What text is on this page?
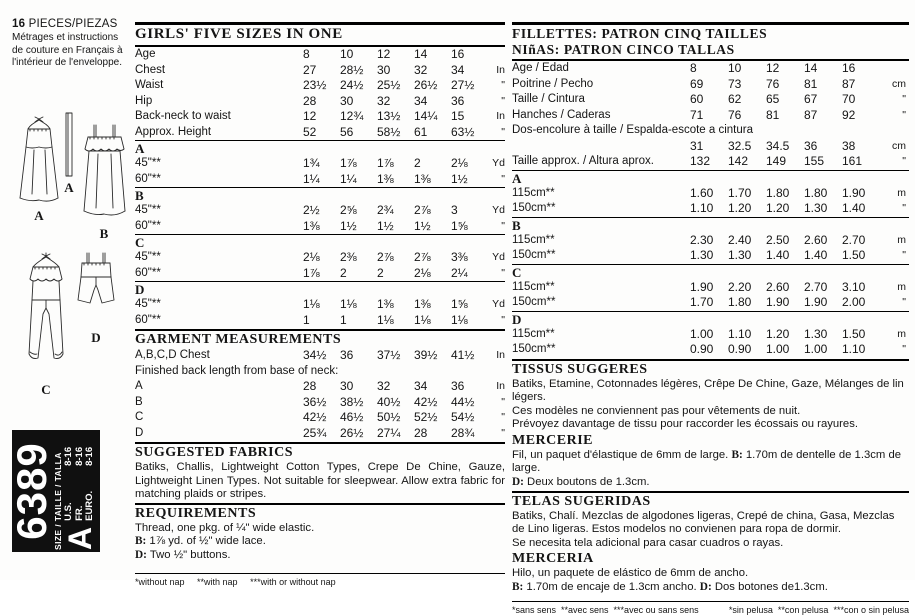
16 PIECES/PIEZAS
Métrages et instructions de couture en Français à l'intérieur de l'enveloppe.
A
A
B
C
D
6389
SIZE / TAILLE / TALLA
A
U.S.
8-16
FR.
8-16
EURO.
8-16
GIRLS' FIVE SIZES IN ONE
Age	8	10	12	14	16
Chest	27	28½	30	32	34	In
Waist	23½	24½	25½	26½	27½	"
Hip	28	30	32	34	36	"
Back-neck to waist	12	12¾	13½	14¼	15	In
Approx. Height	52	56	58½	61	63½	"
A
45"**	1¾	1⅞	1⅞	2	2⅛	Yd
60"**	1¼	1¼	1⅜	1⅜	1½	"
B
45"**	2½	2⅝	2¾	2⅞	3	Yd
60"**	1⅜	1½	1½	1½	1⅝	"
C
45"**	2⅛	2⅜	2⅞	2⅞	3⅜	Yd
60"**	1⅞	2	2	2⅛	2¼	"
D
45"**	1⅛	1⅛	1⅜	1⅜	1⅝	Yd
60"**	1	1	1⅛	1⅛	1⅛	"
GARMENT MEASUREMENTS
A,B,C,D Chest	34½	36	37½	39½	41½	In
Finished back length from base of neck:
A	28	30	32	34	36	In
B	36½	38½	40½	42½	44½	"
C	42½	46½	50½	52½	54½	"
D	25¾	26½	27¼	28	28¾	"
SUGGESTED FABRICS
Batiks, Challis, Lightweight Cotton Types, Crepe De Chine, Gauze, Lightweight Linen Types. Not suitable for sleepwear. Allow extra fabric for matching plaids or stripes.
REQUIREMENTS
Thread, one pkg. of ¼" wide elastic.
B: 1⅞ yd. of ½" wide lace.
D: Two ½" buttons.
*without nap     **with nap     ***with or without nap
FILLETTES: PATRON CINQ TAILLES
NIñAS: PATRON CINCO TALLAS
Age / Edad	8	10	12	14	16
Poitrine / Pecho	69	73	76	81	87	cm
Taille / Cintura	60	62	65	67	70	"
Hanches / Caderas	71	76	81	87	92	"
Dos-encolure à taille / Espalda-escote a cintura
31	32.5	34.5	36	38	cm
Taille approx. / Altura aprox.	132	142	149	155	161	"
A
115cm**	1.60	1.70	1.80	1.80	1.90	m
150cm**	1.10	1.20	1.20	1.30	1.40	"
B
115cm**	2.30	2.40	2.50	2.60	2.70	m
150cm**	1.30	1.30	1.40	1.40	1.50	"
C
115cm**	1.90	2.20	2.60	2.70	3.10	m
150cm**	1.70	1.80	1.90	1.90	2.00	"
D
115cm**	1.00	1.10	1.20	1.30	1.50	m
150cm**	0.90	0.90	1.00	1.00	1.10	"
TISSUS SUGGERES
Batiks, Etamine, Cotonnades légères, Crêpe De Chine, Gaze, Mélanges de lin légers.
Ces modèles ne conviennent pas pour vêtements de nuit.
Prévoyez davantage de tissu pour raccorder les écossais ou rayures.
MERCERIE
Fil, un paquet d'élastique de 6mm de large. B: 1.70m de dentelle de 1.3cm de large.
D: Deux boutons de 1.3cm.
TELAS SUGERIDAS
Batiks, Chalí. Mezclas de algodones ligeras, Crepé de china, Gasa, Mezclas de Lino ligeras. Estos modelos no convienen para ropa de dormir.
Se necesita tela adicional para casar cuadros o rayas.
MERCERIA
Hilo, un paquete de elástico de 6mm de ancho.
B: 1.70m de encaje de 1.3cm ancho. D: Dos botones de1.3cm.
*sans sens  **avec sens  ***avec ou sans sens	*sin pelusa  **con pelusa  ***con o sin pelusa
